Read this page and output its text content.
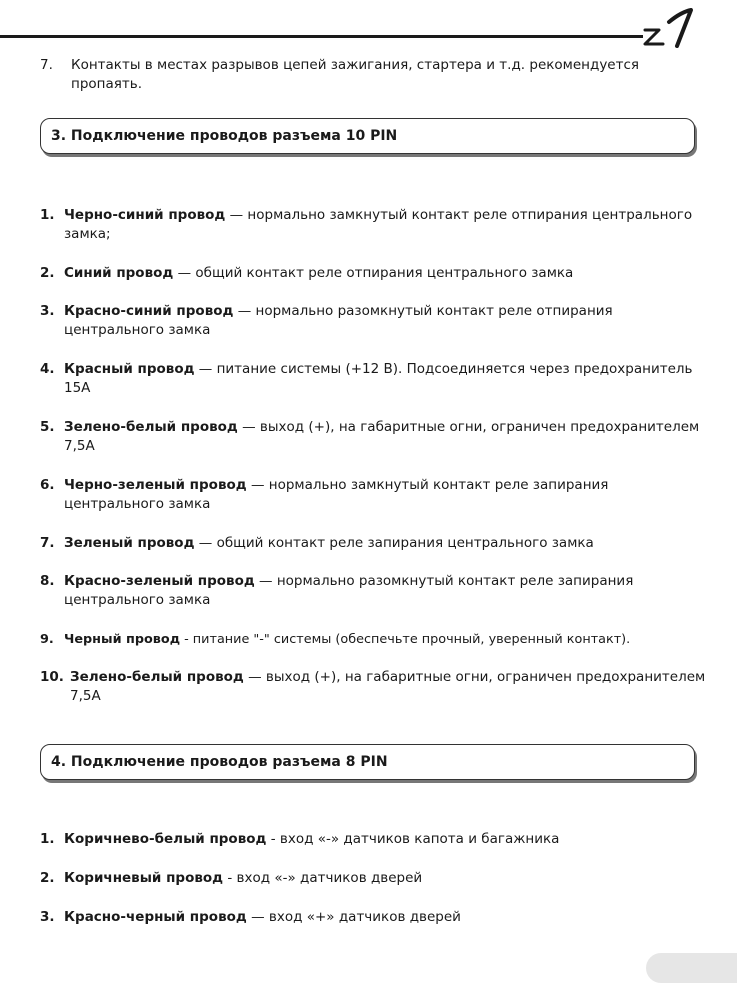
7. Контакты в местах разрывов цепей зажигания, стартера и т.д. рекомендуется пропаять.
3. Подключение проводов разъема 10 PIN
1. Черно-синий провод — нормально замкнутый контакт реле отпирания центрального замка;
2. Синий провод — общий контакт реле отпирания центрального замка
3. Красно-синий провод — нормально разомкнутый контакт реле отпирания центрального замка
4. Красный провод — питание системы (+12 В). Подсоединяется через предохранитель 15А
5. Зелено-белый провод — выход (+), на габаритные огни, ограничен предохранителем 7,5А
6. Черно-зеленый провод — нормально замкнутый контакт реле запирания центрального замка
7. Зеленый провод — общий контакт реле запирания центрального замка
8. Красно-зеленый провод — нормально разомкнутый контакт реле запирания центрального замка
9. Черный провод - питание "-" системы (обеспечьте прочный, уверенный контакт).
10. Зелено-белый провод — выход (+), на габаритные огни, ограничен предохранителем 7,5А
4. Подключение проводов разъема 8 PIN
1. Коричнево-белый провод - вход «-» датчиков капота и багажника
2. Коричневый провод - вход «-» датчиков дверей
3. Красно-черный провод — вход «+» датчиков дверей
